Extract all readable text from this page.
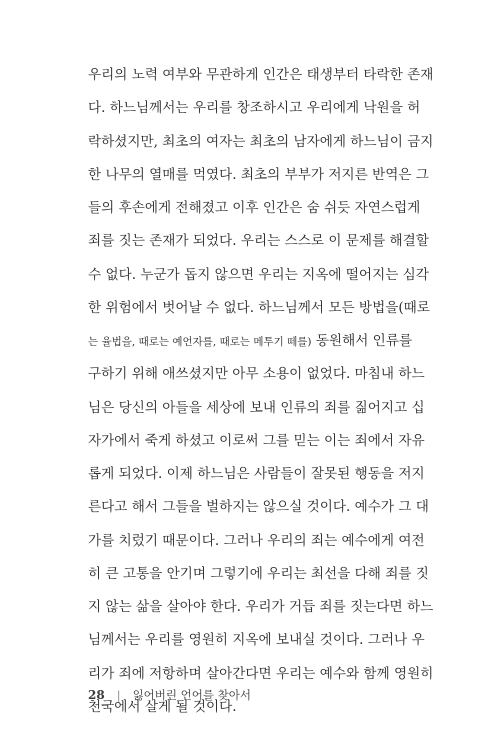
우리의 노력 여부와 무관하게 인간은 태생부터 타락한 존재
다. 하느님께서는 우리를 창조하시고 우리에게 낙원을 허
락하셨지만, 최초의 여자는 최초의 남자에게 하느님이 금지
한 나무의 열매를 먹였다. 최초의 부부가 저지른 반역은 그
들의 후손에게 전해졌고 이후 인간은 숨 쉬듯 자연스럽게
죄를 짓는 존재가 되었다. 우리는 스스로 이 문제를 해결할
수 없다. 누군가 돕지 않으면 우리는 지옥에 떨어지는 심각
한 위험에서 벗어날 수 없다. 하느님께서 모든 방법을(때로
는 율법을, 때로는 예언자를, 때로는 메투기 떼를) 동원해서 인류를
구하기 위해 애쓰셨지만 아무 소용이 없었다. 마침내 하느
님은 당신의 아들을 세상에 보내 인류의 죄를 짊어지고 십
자가에서 죽게 하셨고 이로써 그를 믿는 이는 죄에서 자유
롭게 되었다. 이제 하느님은 사람들이 잘못된 행동을 저지
른다고 해서 그들을 벌하지는 않으실 것이다. 예수가 그 대
가를 치렀기 때문이다. 그러나 우리의 죄는 예수에게 여전
히 큰 고통을 안기며 그렇기에 우리는 최선을 다해 죄를 짓
지 않는 삶을 살아야 한다. 우리가 거듭 죄를 짓는다면 하느
님께서는 우리를 영원히 지옥에 보내실 것이다. 그러나 우
리가 죄에 저항하며 살아간다면 우리는 예수와 함께 영원히
천국에서 살게 될 것이다.
28 | 잃어버린 언어를 찾아서
